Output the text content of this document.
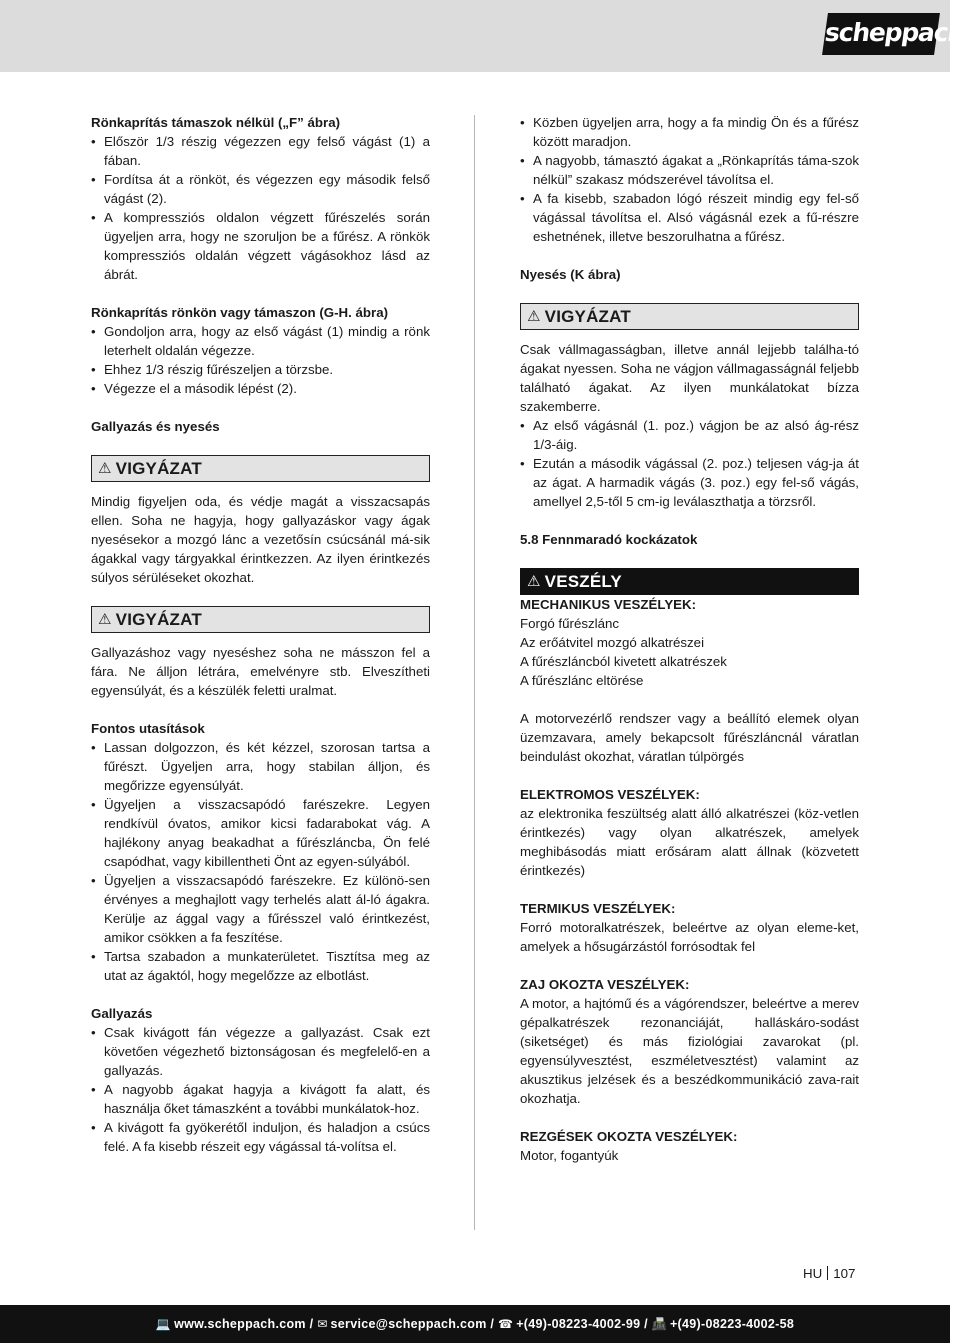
scheppach
Rönkaprítás támaszok nélkül („F” ábra)
• Először 1/3 részig végezzen egy felső vágást (1) a fában.
• Fordítsa át a rönköt, és végezzen egy második felső vágást (2).
• A kompressziós oldalon végzett fűrészelés során ügyeljen arra, hogy ne szoruljon be a fűrész. A rönkök kompressziós oldalán végzett vágásokhoz lásd az ábrát.
Rönkaprítás rönkön vagy támaszon (G-H. ábra)
• Gondoljon arra, hogy az első vágást (1) mindig a rönk leterhelt oldalán végezze.
• Ehhez 1/3 részig fűrészeljen a törzsbe.
• Végezze el a második lépést (2).
Gallyazás és nyesés
⚠ VIGYÁZAT
Mindig figyeljen oda, és védje magát a visszacsapás ellen. Soha ne hagyja, hogy gallyazáskor vagy ágak nyesésekor a mozgó lánc a vezetősín csúcsánál má-sik ágakkal vagy tárgyakkal érintkezzen. Az ilyen érintkezés súlyos sérüléseket okozhat.
⚠ VIGYÁZAT
Gallyazáshoz vagy nyeséshez soha ne másszon fel a fára. Ne álljon létrára, emelvényre stb. Elveszítheti egyensúlyát, és a készülék feletti uralmat.
Fontos utasítások
• Lassan dolgozzon, és két kézzel, szorosan tartsa a fűrészt. Ügyeljen arra, hogy stabilan álljon, és megőrizze egyensúlyát.
• Ügyeljen a visszacsapódó farészekre. Legyen rendkívül óvatos, amikor kicsi fadarabokat vág. A hajlékony anyag beakadhat a fűrészláncba, Ön felé csapódhat, vagy kibillentheti Önt az egyen-súlyából.
• Ügyeljen a visszacsapódó farészekre. Ez különö-sen érvényes a meghajlott vagy terhelés alatt ál-ló ágakra. Kerülje az ággal vagy a fűrésszel való érintkezést, amikor csökken a fa feszítése.
• Tartsa szabadon a munkaterületet. Tisztítsa meg az utat az ágaktól, hogy megelőzze az elbotlást.
Gallyazás
• Csak kivágott fán végezze a gallyazást. Csak ezt követően végezhető biztonságosan és megfelelő-en a gallyazás.
• A nagyobb ágakat hagyja a kivágott fa alatt, és használja őket támaszként a további munkálatok-hoz.
• A kivágott fa gyökerétől induljon, és haladjon a csúcs felé. A fa kisebb részeit egy vágással tá-volítsa el.
• Közben ügyeljen arra, hogy a fa mindig Ön és a fűrész között maradjon.
• A nagyobb, támasztó ágakat a „Rönkaprítás táma-szok nélkül” szakasz módszerével távolítsa el.
• A fa kisebb, szabadon lógó részeit mindig egy fel-ső vágással távolítsa el. Alsó vágásnál ezek a fű-részre eshetnének, illetve beszorulhatna a fűrész.
Nyesés (K ábra)
⚠ VIGYÁZAT
Csak vállmagasságban, illetve annál lejjebb találha-tó ágakat nyessen. Soha ne vágjon vállmagasságnál feljebb található ágakat. Az ilyen munkálatokat bízza szakemberre.
• Az első vágásnál (1. poz.) vágjon be az alsó ág-rész 1/3-áig.
• Ezután a második vágással (2. poz.) teljesen vág-ja át az ágat. A harmadik vágás (3. poz.) egy fel-ső vágás, amellyel 2,5-től 5 cm-ig leválaszthatja a törzsről.
5.8 Fennmaradó kockázatok
⚠ VESZÉLY
MECHANIKUS VESZÉLYEK:
Forgó fűrészlánc
Az erőátvitel mozgó alkatrészei
A fűrészláncból kivetett alkatrészek
A fűrészlánc eltörése
A motorvezérlő rendszer vagy a beállító elemek olyan üzemzavara, amely bekapcsolt fűrészláncnál váratlan beindulást okozhat, váratlan túlpörgés
ELEKTROMOS VESZÉLYEK:
az elektronika feszültség alatt álló alkatrészei (köz-vetlen érintkezés) vagy olyan alkatrészek, amelyek meghibásodás miatt erősáram alatt állnak (közvetett érintkezés)
TERMIKUS VESZÉLYEK:
Forró motoralkatrészek, beleértve az olyan eleme-ket, amelyek a hősugárzástól forrósodtak fel
ZAJ OKOZTA VESZÉLYEK:
A motor, a hajtómű és a vágórendszer, beleértve a merev gépalkatrészek rezonanciáját, halláskáro-sodást (siketséget) és más fiziológiai zavarokat (pl. egyensúlyvesztést, eszméletvesztést) valamint az akusztikus jelzések és a beszédkommunikáció zava-rait okozhatja.
REZGÉSEK OKOZTA VESZÉLYEK:
Motor, fogantyúk
HU 107
💻 www.scheppach.com / ✉ service@scheppach.com / ☎ +(49)-08223-4002-99 / 📠 +(49)-08223-4002-58
